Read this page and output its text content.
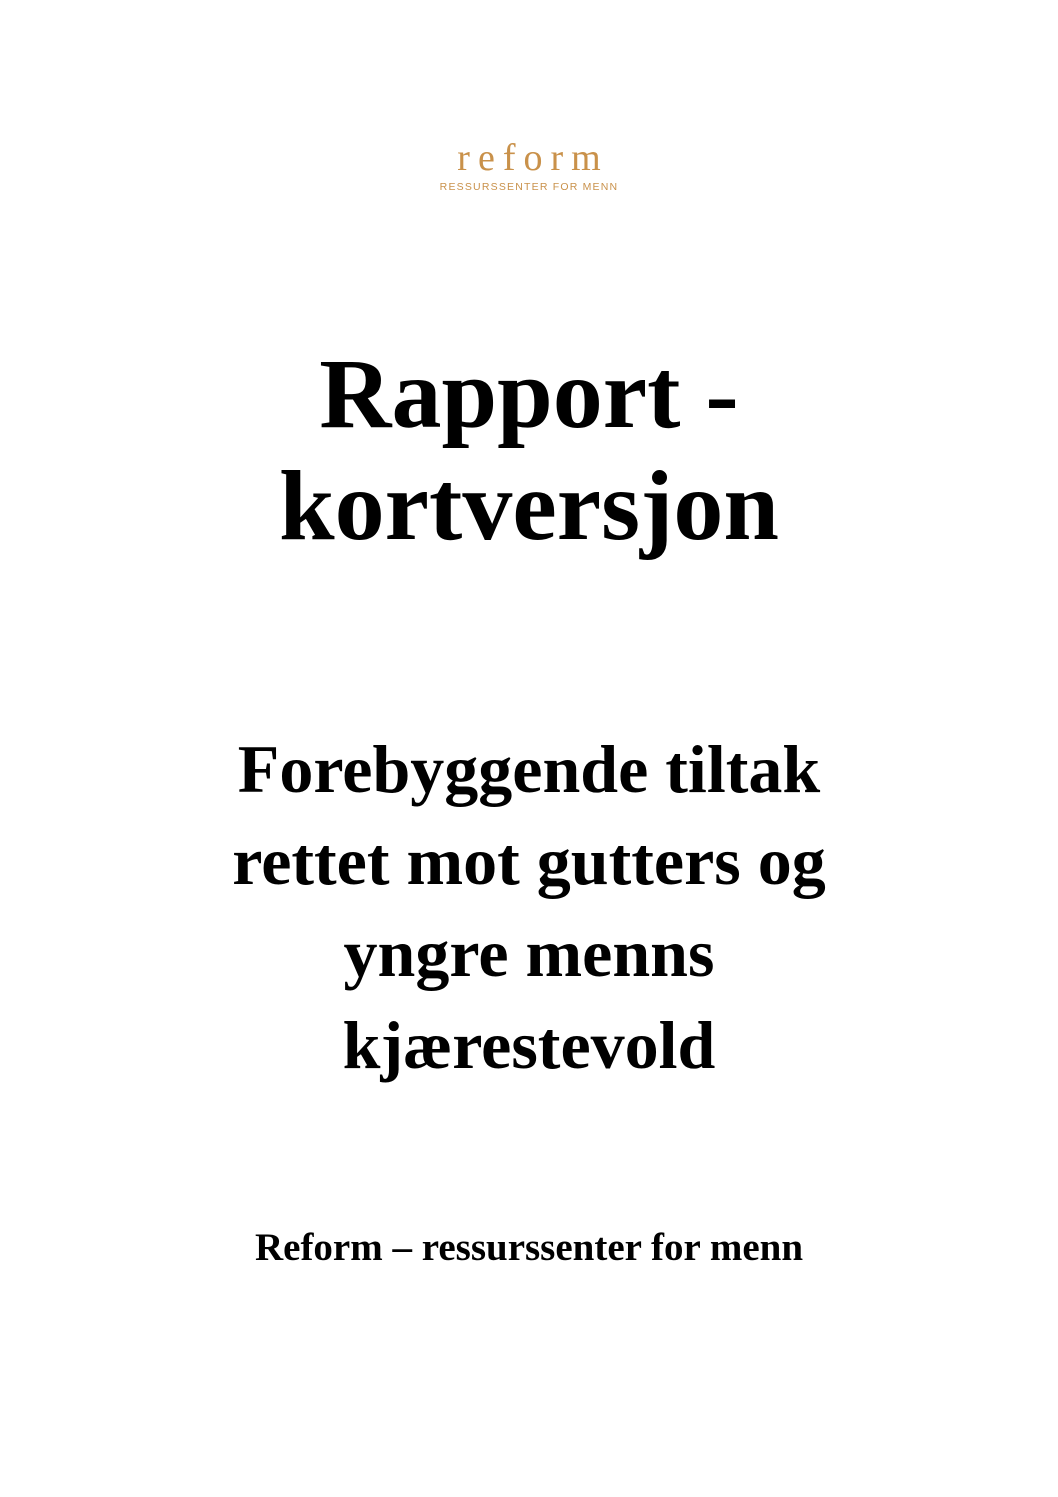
reform
RESSURSSENTER FOR MENN
Rapport -
kortversjon
Forebyggende tiltak
rettet mot gutters og
yngre menns
kjærestevold
Reform – ressurssenter for menn
